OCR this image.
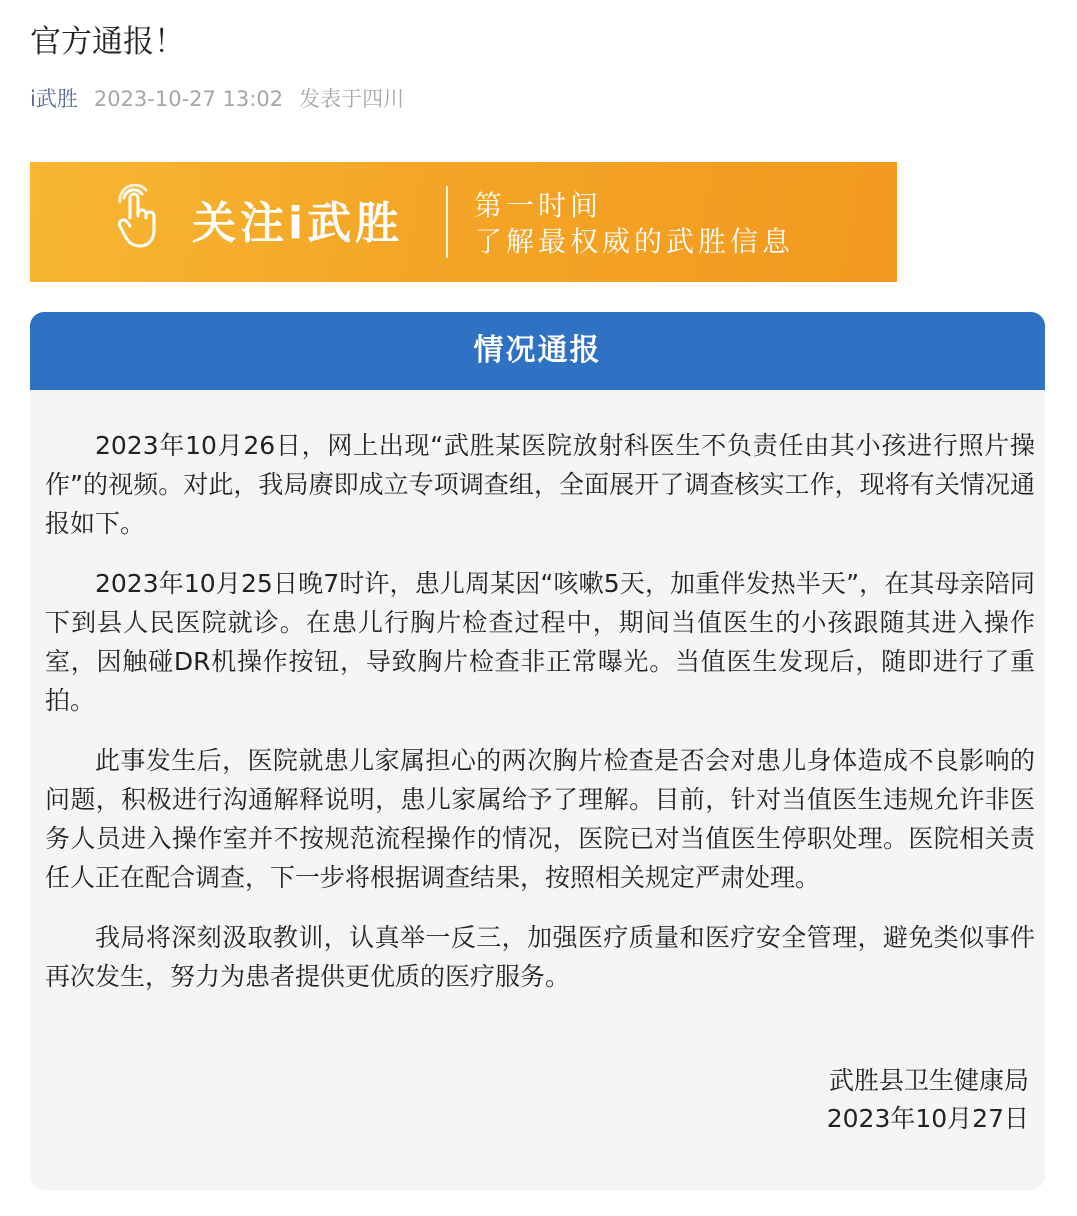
官方通报！
i武胜 2023-10-27 13:02 发表于四川
关注i武胜	第一时间
了解最权威的武胜信息
情况通报

2023年10月26日，网上出现“武胜某医院放射科医生不负责任由其小孩进行照片操作”的视频。对此，我局赓即成立专项调查组，全面展开了调查核实工作，现将有关情况通报如下。

2023年10月25日晚7时许，患儿周某因“咳嗽5天，加重伴发热半天”，在其母亲陪同下到县人民医院就诊。在患儿行胸片检查过程中，期间当值医生的小孩跟随其进入操作室，因触碰DR机操作按钮，导致胸片检查非正常曝光。当值医生发现后，随即进行了重拍。

此事发生后，医院就患儿家属担心的两次胸片检查是否会对患儿身体造成不良影响的问题，积极进行沟通解释说明，患儿家属给予了理解。目前，针对当值医生违规允许非医务人员进入操作室并不按规范流程操作的情况，医院已对当值医生停职处理。医院相关责任人正在配合调查，下一步将根据调查结果，按照相关规定严肃处理。

我局将深刻汲取教训，认真举一反三，加强医疗质量和医疗安全管理，避免类似事件再次发生，努力为患者提供更优质的医疗服务。

武胜县卫生健康局
2023年10月27日
